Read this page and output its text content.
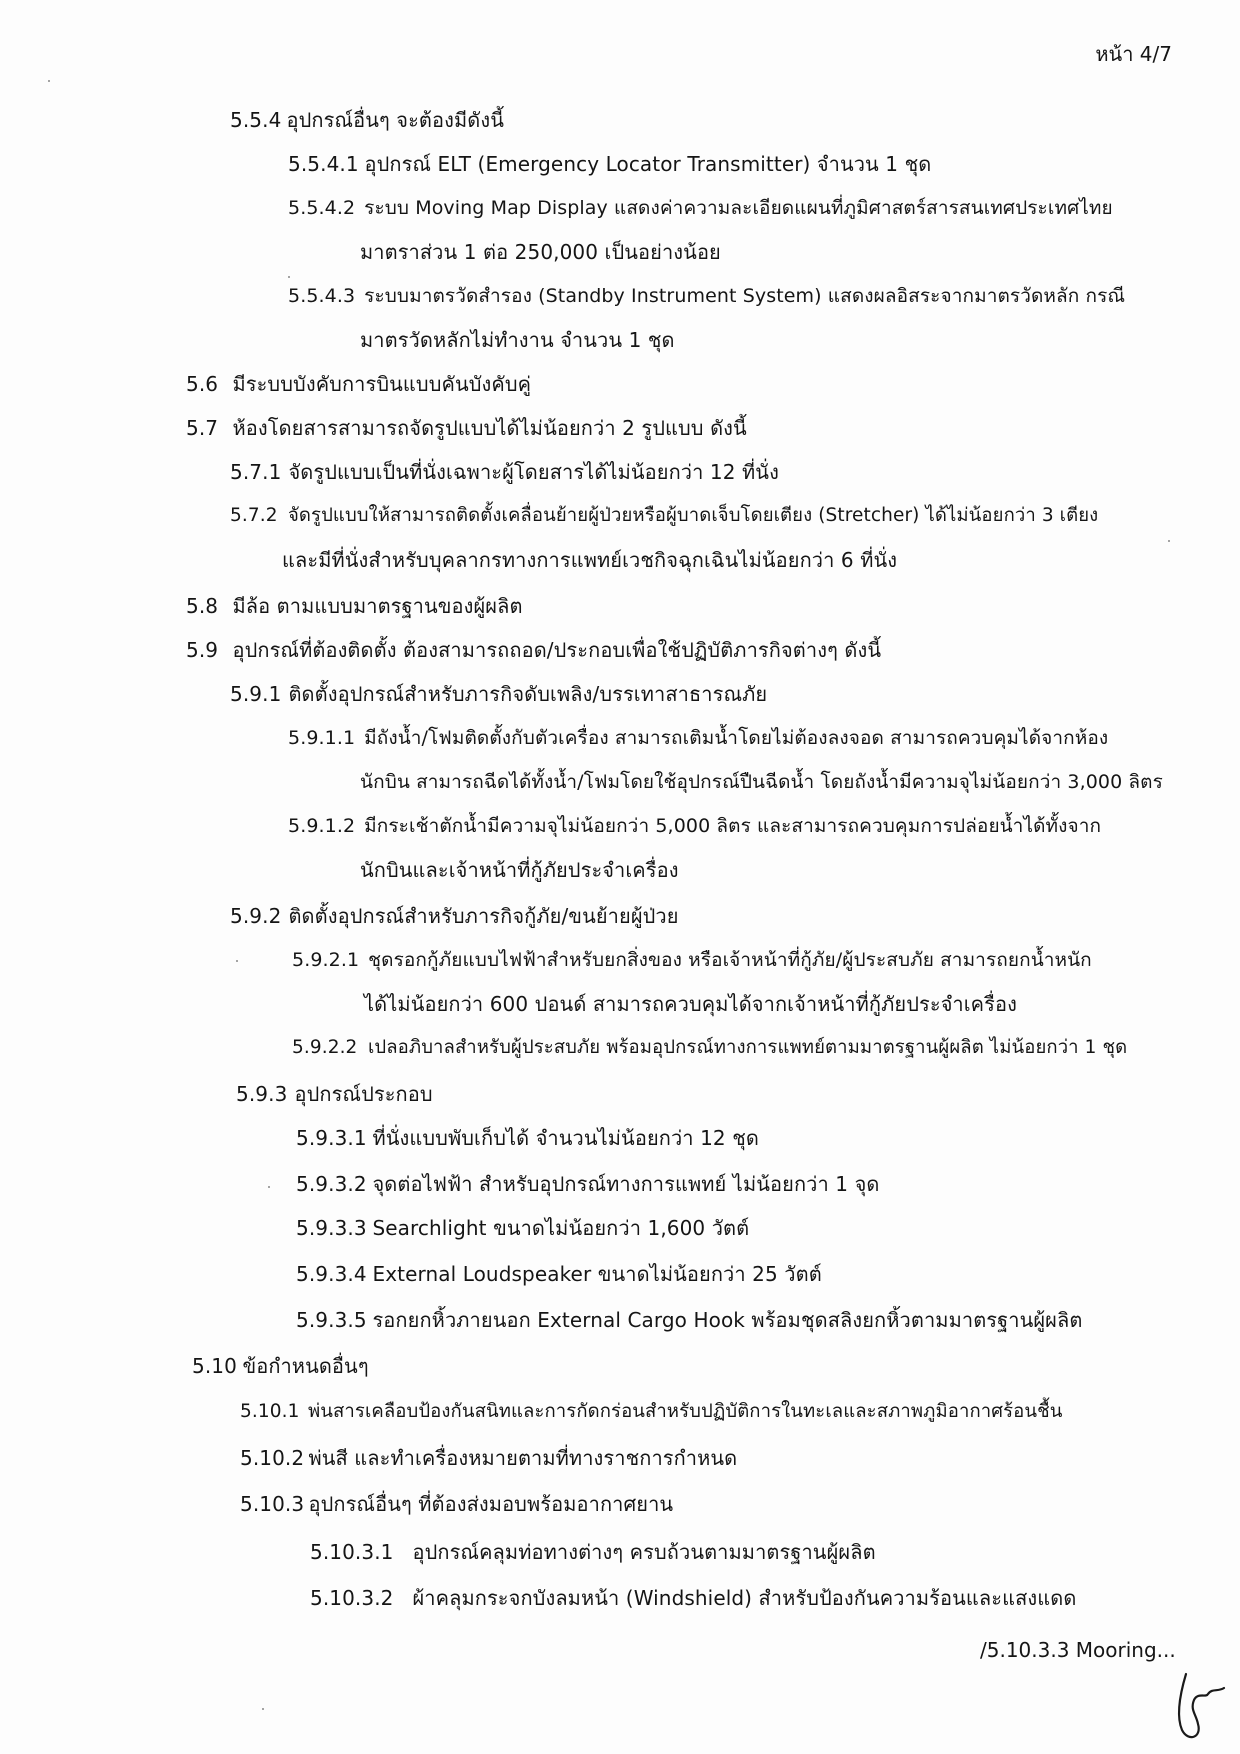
หน้า 4/7
5.5.4 อุปกรณ์อื่นๆ จะต้องมีดังนี้
5.5.4.1 อุปกรณ์ ELT (Emergency Locator Transmitter) จำนวน 1 ชุด
5.5.4.2 ระบบ Moving Map Display แสดงค่าความละเอียดแผนที่ภูมิศาสตร์สารสนเทศประเทศไทย
มาตราส่วน 1 ต่อ 250,000 เป็นอย่างน้อย
5.5.4.3 ระบบมาตรวัดสำรอง (Standby Instrument System) แสดงผลอิสระจากมาตรวัดหลัก กรณี
มาตรวัดหลักไม่ทำงาน จำนวน 1 ชุด
5.6 มีระบบบังคับการบินแบบคันบังคับคู่
5.7 ห้องโดยสารสามารถจัดรูปแบบได้ไม่น้อยกว่า 2 รูปแบบ ดังนี้
5.7.1 จัดรูปแบบเป็นที่นั่งเฉพาะผู้โดยสารได้ไม่น้อยกว่า 12 ที่นั่ง
5.7.2 จัดรูปแบบให้สามารถติดตั้งเคลื่อนย้ายผู้ป่วยหรือผู้บาดเจ็บโดยเตียง (Stretcher) ได้ไม่น้อยกว่า 3 เตียง
และมีที่นั่งสำหรับบุคลากรทางการแพทย์เวชกิจฉุกเฉินไม่น้อยกว่า 6 ที่นั่ง
5.8 มีล้อ ตามแบบมาตรฐานของผู้ผลิต
5.9 อุปกรณ์ที่ต้องติดตั้ง ต้องสามารถถอด/ประกอบเพื่อใช้ปฏิบัติภารกิจต่างๆ ดังนี้
5.9.1 ติดตั้งอุปกรณ์สำหรับภารกิจดับเพลิง/บรรเทาสาธารณภัย
5.9.1.1 มีถังน้ำ/โฟมติดตั้งกับตัวเครื่อง สามารถเติมน้ำโดยไม่ต้องลงจอด สามารถควบคุมได้จากห้อง
นักบิน สามารถฉีดได้ทั้งน้ำ/โฟมโดยใช้อุปกรณ์ปืนฉีดน้ำ โดยถังน้ำมีความจุไม่น้อยกว่า 3,000 ลิตร
5.9.1.2 มีกระเช้าตักน้ำมีความจุไม่น้อยกว่า 5,000 ลิตร และสามารถควบคุมการปล่อยน้ำได้ทั้งจาก
นักบินและเจ้าหน้าที่กู้ภัยประจำเครื่อง
5.9.2 ติดตั้งอุปกรณ์สำหรับภารกิจกู้ภัย/ขนย้ายผู้ป่วย
5.9.2.1 ชุดรอกกู้ภัยแบบไฟฟ้าสำหรับยกสิ่งของ หรือเจ้าหน้าที่กู้ภัย/ผู้ประสบภัย สามารถยกน้ำหนัก
ได้ไม่น้อยกว่า 600 ปอนด์ สามารถควบคุมได้จากเจ้าหน้าที่กู้ภัยประจำเครื่อง
5.9.2.2 เปลอภิบาลสำหรับผู้ประสบภัย พร้อมอุปกรณ์ทางการแพทย์ตามมาตรฐานผู้ผลิต ไม่น้อยกว่า 1 ชุด
5.9.3 อุปกรณ์ประกอบ
5.9.3.1 ที่นั่งแบบพับเก็บได้ จำนวนไม่น้อยกว่า 12 ชุด
5.9.3.2 จุดต่อไฟฟ้า สำหรับอุปกรณ์ทางการแพทย์ ไม่น้อยกว่า 1 จุด
5.9.3.3 Searchlight ขนาดไม่น้อยกว่า 1,600 วัตต์
5.9.3.4 External Loudspeaker ขนาดไม่น้อยกว่า 25 วัตต์
5.9.3.5 รอกยกหิ้วภายนอก External Cargo Hook พร้อมชุดสลิงยกหิ้วตามมาตรฐานผู้ผลิต
5.10 ข้อกำหนดอื่นๆ
5.10.1 พ่นสารเคลือบป้องกันสนิทและการกัดกร่อนสำหรับปฏิบัติการในทะเลและสภาพภูมิอากาศร้อนชื้น
5.10.2 พ่นสี และทำเครื่องหมายตามที่ทางราชการกำหนด
5.10.3 อุปกรณ์อื่นๆ ที่ต้องส่งมอบพร้อมอากาศยาน
5.10.3.1 อุปกรณ์คลุมท่อทางต่างๆ ครบถ้วนตามมาตรฐานผู้ผลิต
5.10.3.2 ผ้าคลุมกระจกบังลมหน้า (Windshield) สำหรับป้องกันความร้อนและแสงแดด
/5.10.3.3 Mooring...
